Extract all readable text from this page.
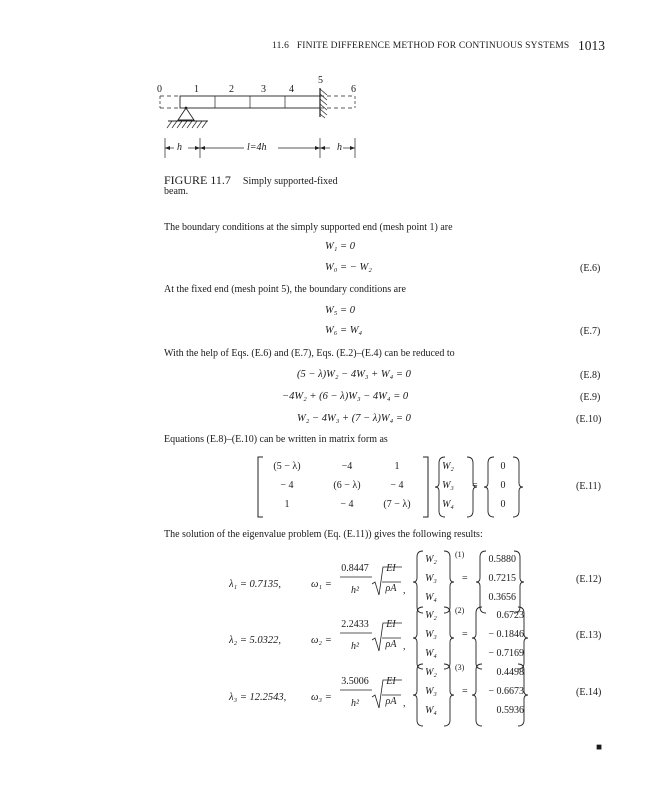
11.6 FINITE DIFFERENCE METHOD FOR CONTINUOUS SYSTEMS 1013
0	1	2	3 4
5
6
h	l=4h	h
FIGURE 11.7 Simply supported-fixed
beam.
The boundary conditions at the simply supported end (mesh point 1) are
W₁ = 0
W₀ = − W₂	(E.6)
At the fixed end (mesh point 5), the boundary conditions are
W₅ = 0
W₆ = W₄	(E.7)
With the help of Eqs. (E.6) and (E.7), Eqs. (E.2)–(E.4) can be reduced to
(5 − λ)W₂ − 4W₃ + W₄ = 0	(E.8)
−4W₂ + (6 − λ)W₃ − 4W₄ = 0	(E.9)
W₂ − 4W₃ + (7 − λ)W₄ = 0	(E.10)
Equations (E.8)–(E.10) can be written in matrix form as
(5 − λ)	−4	1
− 4	(6 − λ)	− 4
1	− 4	(7 − λ)
W₂
W₃
W₄
=
0
0
0
(E.11)
The solution of the eigenvalue problem (Eq. (E.11)) gives the following results:
λ₁ = 0.7135,	ω₁ =
0.8447
h²
EI
ρA ,
(1)
W₂
W₃
W₄
=
0.5880
0.7215
0.3656
(E.12)
λ₂ = 5.0322,	ω₂ =
2.2433
h²
EI
ρA ,
(2)
W₂
W₃
W₄
=
0.6723
− 0.1846
− 0.7169
(E.13)
λ₃ = 12.2543, ω₃ =
3.5006
h²
EI
ρA ,
(3)
W₂
W₃
W₄
=
0.4498
− 0.6673
0.5936
(E.14)
■
